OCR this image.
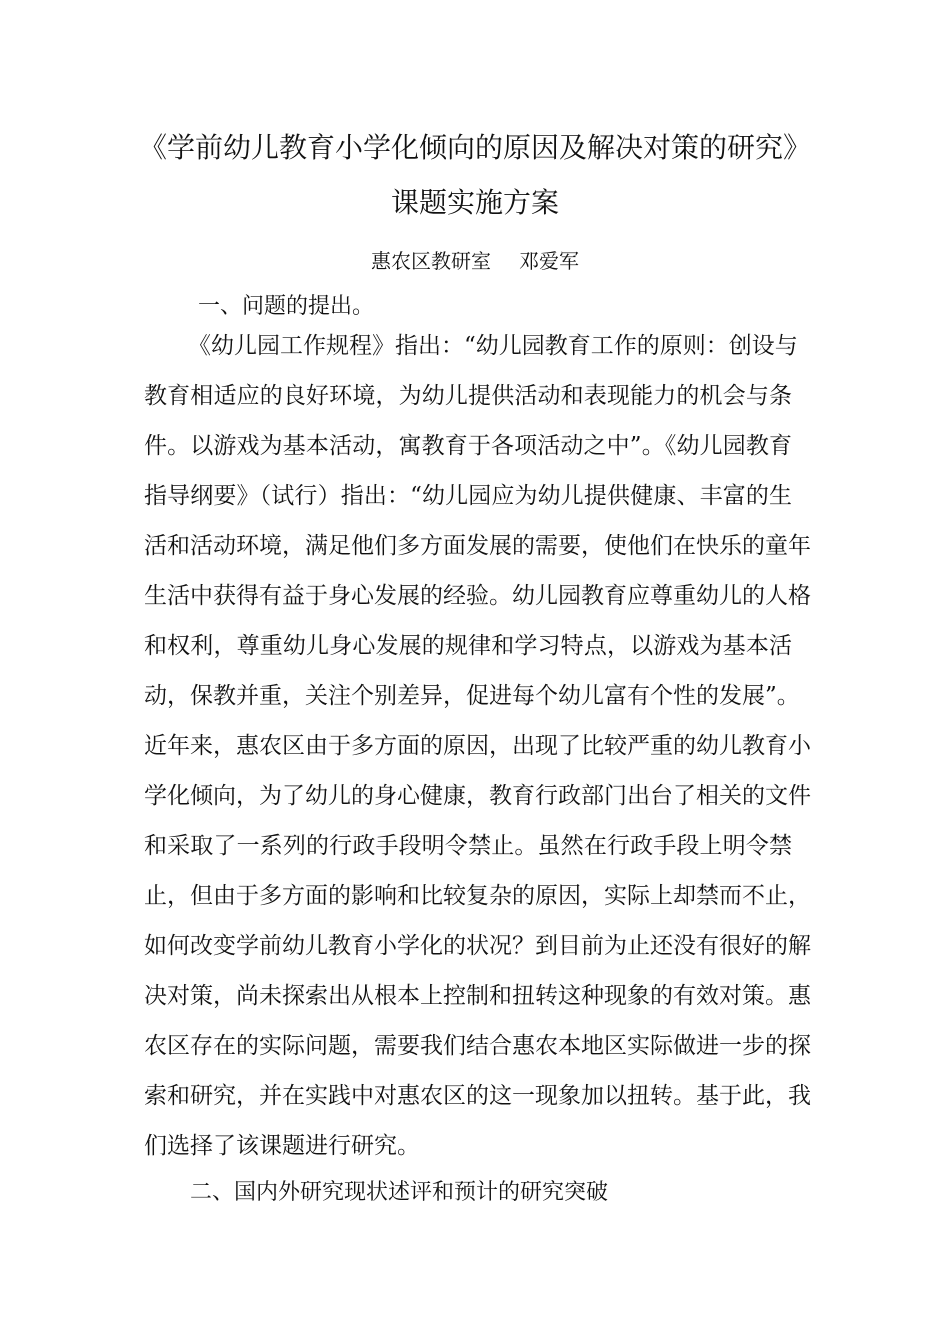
《学前幼儿教育小学化倾向的原因及解决对策的研究》
课题实施方案
惠农区教研室 邓爱军
一、问题的提出。
《幼儿园工作规程》指出：“幼儿园教育工作的原则：创设与
教育相适应的良好环境，为幼儿提供活动和表现能力的机会与条
件。以游戏为基本活动，寓教育于各项活动之中”。《幼儿园教育
指导纲要》（试行）指出：“幼儿园应为幼儿提供健康、丰富的生
活和活动环境，满足他们多方面发展的需要，使他们在快乐的童年
生活中获得有益于身心发展的经验。幼儿园教育应尊重幼儿的人格
和权利，尊重幼儿身心发展的规律和学习特点，以游戏为基本活
动，保教并重，关注个别差异，促进每个幼儿富有个性的发展”。
近年来，惠农区由于多方面的原因，出现了比较严重的幼儿教育小
学化倾向，为了幼儿的身心健康，教育行政部门出台了相关的文件
和采取了一系列的行政手段明令禁止。虽然在行政手段上明令禁
止，但由于多方面的影响和比较复杂的原因，实际上却禁而不止，
如何改变学前幼儿教育小学化的状况？到目前为止还没有很好的解
决对策，尚未探索出从根本上控制和扭转这种现象的有效对策。惠
农区存在的实际问题，需要我们结合惠农本地区实际做进一步的探
索和研究，并在实践中对惠农区的这一现象加以扭转。基于此，我
们选择了该课题进行研究。
二、国内外研究现状述评和预计的研究突破
